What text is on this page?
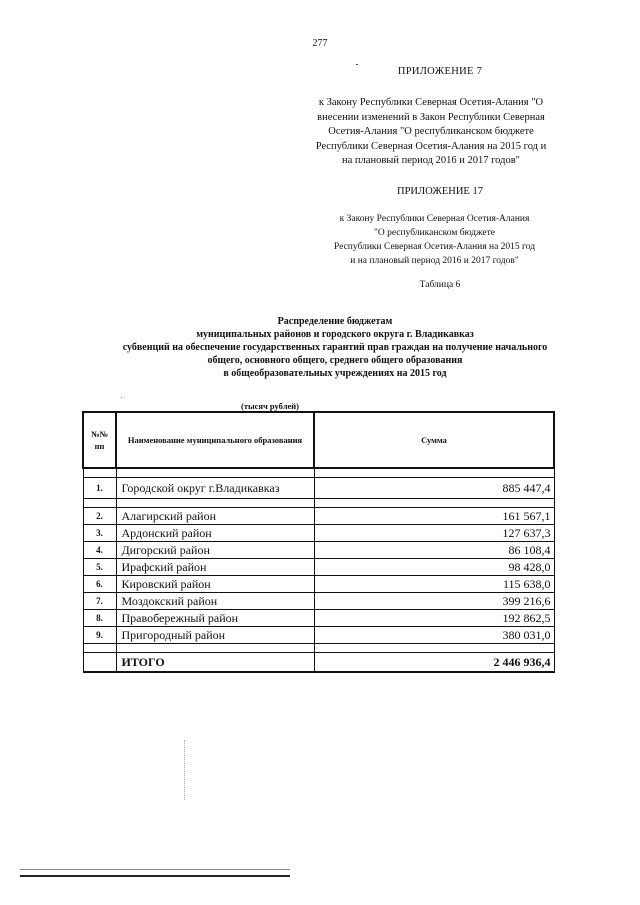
277
ПРИЛОЖЕНИЕ 7
к Закону Республики Северная Осетия-Алания "О
внесении изменений в Закон Республики Северная
Осетия-Алания "О республиканском бюджете
Республики Северная Осетия-Алания на 2015 год и
на плановый период 2016 и 2017 годов"
ПРИЛОЖЕНИЕ 17
к Закону Республики Северная Осетия-Алания
"О республиканском бюджете
Республики Северная Осетия-Алания на 2015 год
и на плановый период 2016 и 2017 годов"
Таблица 6
Распределение бюджетам
муниципальных районов и городского округа г. Владикавказ
субвенций на обеспечение государственных гарантий прав граждан на получение начального
общего, основного общего, среднего общего образования
в общеобразовательных учреждениях на 2015 год
(тысяч рублей)
№№ пп	Наименование муниципального образования	Сумма

1.	Городской округ г.Владикавказ	885 447,4

2.	Алагирский район	161 567,1
3.	Ардонский район	127 637,3
4.	Дигорский район	86 108,4
5.	Ирафский район	98 428,0
6.	Кировский район	115 638,0
7.	Моздокский район	399 216,6
8.	Правобережный район	192 862,5
9.	Пригородный район	380 031,0

	ИТОГО	2 446 936,4
